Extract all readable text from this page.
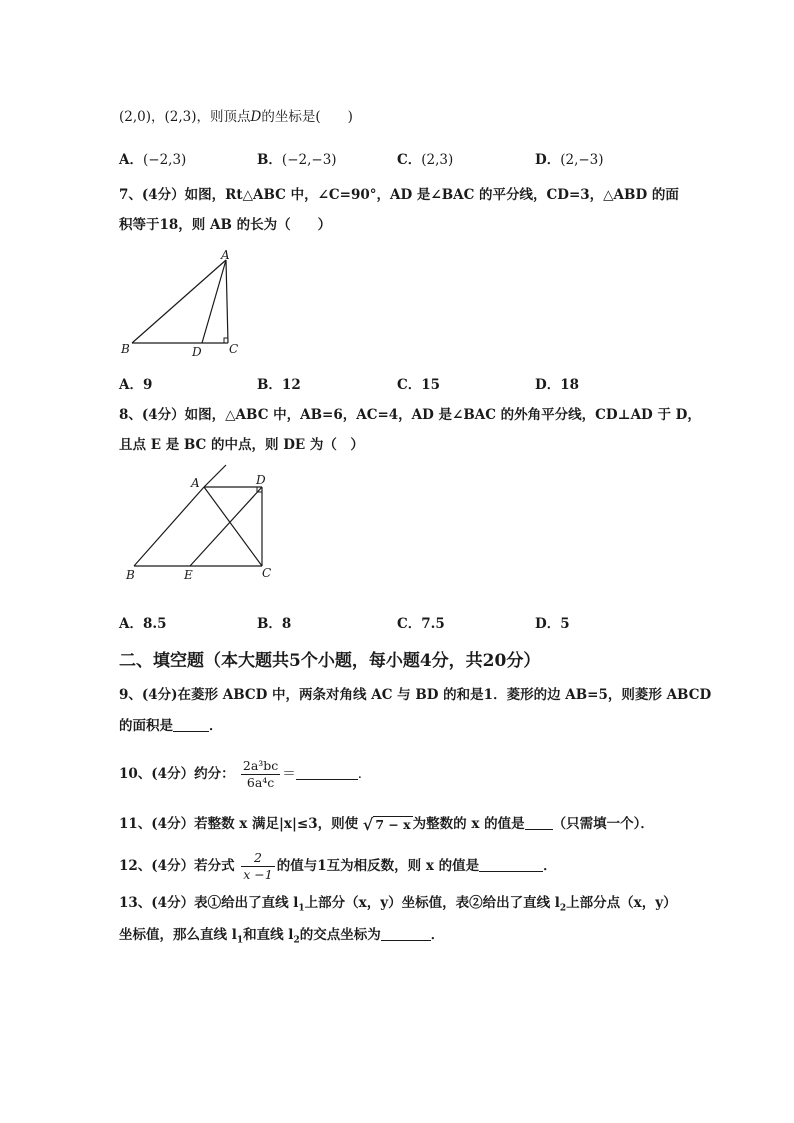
(2,0)，(2,3)，则顶点D的坐标是(　　)
A．(−2,3)	B．(−2,−3)	C．(2,3)	D．(2,−3)
7、(4分）如图，Rt△ABC 中，∠C=90°，AD 是∠BAC 的平分线，CD=3，△ABD 的面
积等于18，则 AB 的长为（　　）
A
B	C
D
A．9	B．12	C．15	D．18
8、(4分）如图，△ABC 中，AB=6，AC=4，AD 是∠BAC 的外角平分线，CD⊥AD 于 D，
且点 E 是 BC 的中点，则 DE 为（　）
A	D
B	E	C
A．8.5	B．8	C．7.5	D．5
二、填空题（本大题共5个小题，每小题4分，共20分）
9、(4分)在菱形 ABCD 中，两条对角线 AC 与 BD 的和是1．菱形的边 AB=5，则菱形 ABCD
的面积是	．
10、(4分）约分： $\frac{\text{2a³bc}}{\text{6a⁴c}}$ ＝	．
11、(4分）若整数 x 满足|x|≤3，则使 √ 7 − x 为整数的 x 的值是 （只需填一个）．
12、(4分）若分式 $\frac{2}{x -1}$ 的值与1互为相反数，则 x 的值是	．
13、(4分）表①给出了直线 $l_1$上部分（x，y）坐标值，表②给出了直线 $l_2$上部分点（x，y）
坐标值，那么直线 $l_1$和直线 $l_2$的交点坐标为	．
